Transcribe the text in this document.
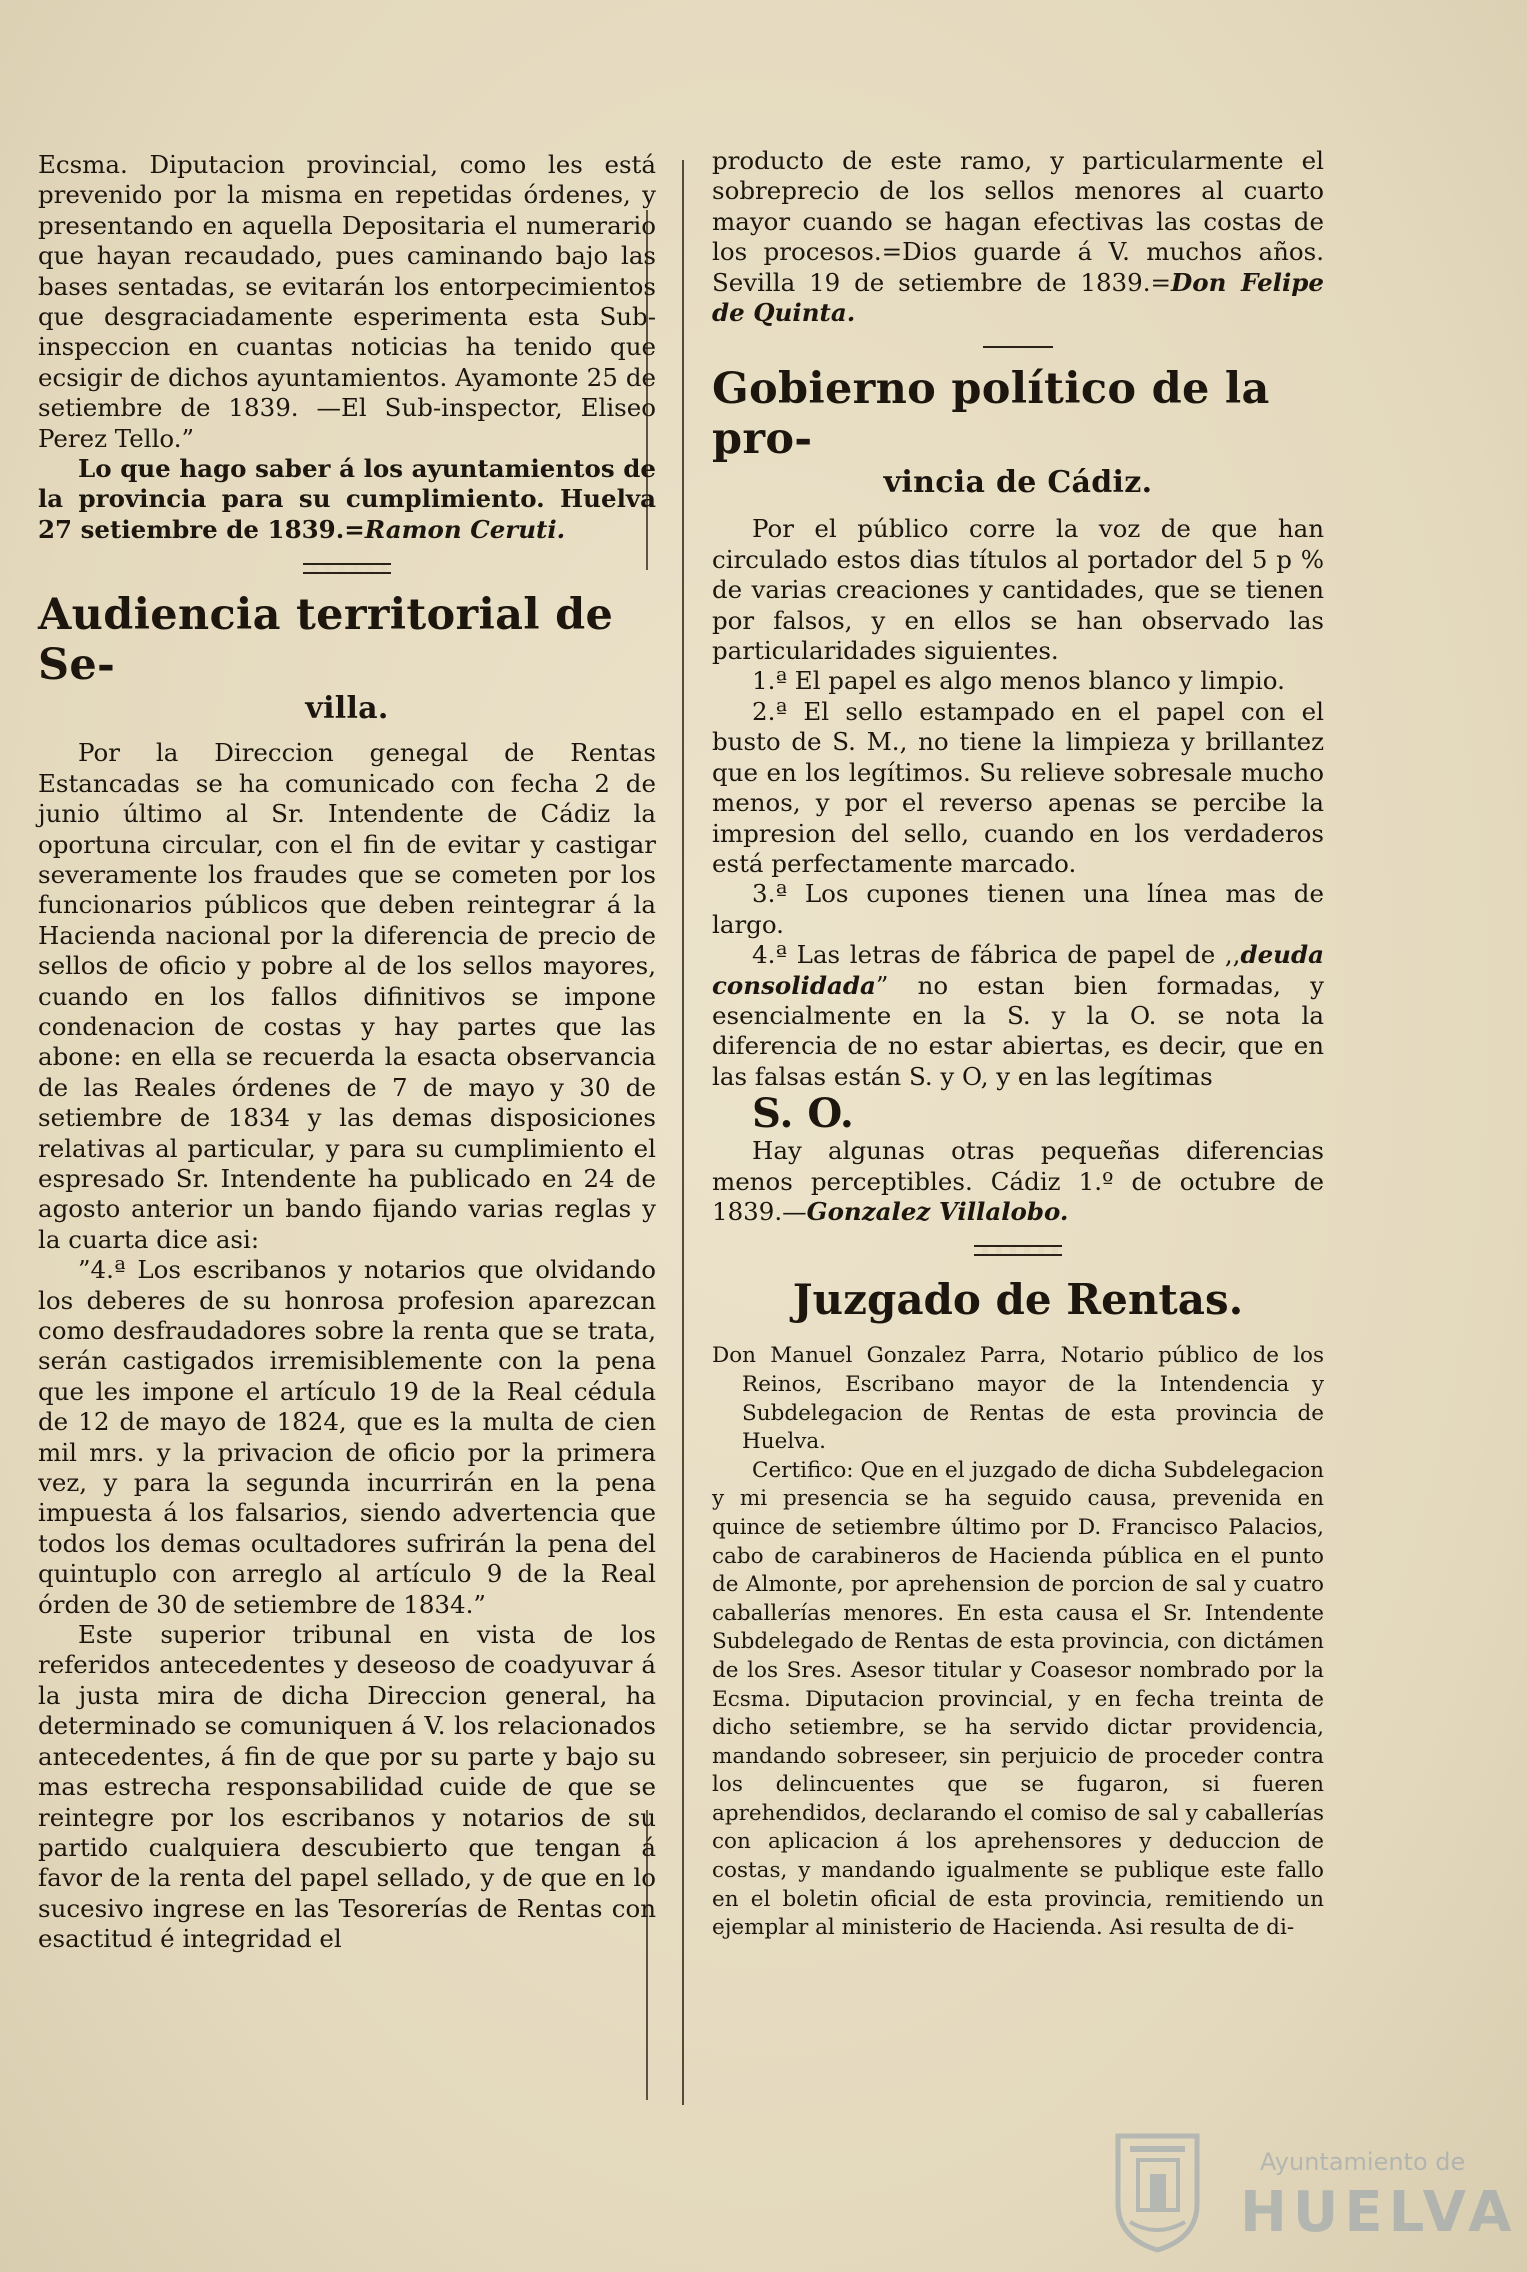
Ecsma. Diputacion provincial, como les está prevenido por la misma en repetidas órdenes, y presentando en aquella Depositaria el numerario que hayan recaudado, pues caminando bajo las bases sentadas, se evitarán los entorpecimientos que desgraciadamente esperimenta esta Sub-inspeccion en cuantas noticias ha tenido que ecsigir de dichos ayuntamientos. Ayamonte 25 de setiembre de 1839. —El Sub-inspector, Eliseo Perez Tello.”

Lo que hago saber á los ayuntamientos de la provincia para su cumplimiento. Huelva 27 setiembre de 1839.=Ramon Ceruti.

Audiencia territorial de Se-
villa.

Por la Direccion genegal de Rentas Estancadas se ha comunicado con fecha 2 de junio último al Sr. Intendente de Cádiz la oportuna circular, con el fin de evitar y castigar severamente los fraudes que se cometen por los funcionarios públicos que deben reintegrar á la Hacienda nacional por la diferencia de precio de sellos de oficio y pobre al de los sellos mayores, cuando en los fallos difinitivos se impone condenacion de costas y hay partes que las abone: en ella se recuerda la esacta observancia de las Reales órdenes de 7 de mayo y 30 de setiembre de 1834 y las demas disposiciones relativas al particular, y para su cumplimiento el espresado Sr. Intendente ha publicado en 24 de agosto anterior un bando fijando varias reglas y la cuarta dice asi:

”4.ª Los escribanos y notarios que olvidando los deberes de su honrosa profesion aparezcan como desfraudadores sobre la renta que se trata, serán castigados irremisiblemente con la pena que les impone el artículo 19 de la Real cédula de 12 de mayo de 1824, que es la multa de cien mil mrs. y la privacion de oficio por la primera vez, y para la segunda incurrirán en la pena impuesta á los falsarios, siendo advertencia que todos los demas ocultadores sufrirán la pena del quintuplo con arreglo al artículo 9 de la Real órden de 30 de setiembre de 1834.”

Este superior tribunal en vista de los referidos antecedentes y deseoso de coadyuvar á la justa mira de dicha Direccion general, ha determinado se comuniquen á V. los relacionados antecedentes, á fin de que por su parte y bajo su mas estrecha responsabilidad cuide de que se reintegre por los escribanos y notarios de su partido cualquiera descubierto que tengan á favor de la renta del papel sellado, y de que en lo sucesivo ingrese en las Tesorerías de Rentas con esactitud é integridad el

producto de este ramo, y particularmente el sobreprecio de los sellos menores al cuarto mayor cuando se hagan efectivas las costas de los procesos.=Dios guarde á V. muchos años. Sevilla 19 de setiembre de 1839.=Don Felipe de Quinta.

Gobierno político de la pro-
vincia de Cádiz.

Por el público corre la voz de que han circulado estos dias títulos al portador del 5 p % de varias creaciones y cantidades, que se tienen por falsos, y en ellos se han observado las particularidades siguientes.

1.ª El papel es algo menos blanco y limpio.

2.ª El sello estampado en el papel con el busto de S. M., no tiene la limpieza y brillantez que en los legítimos. Su relieve sobresale mucho menos, y por el reverso apenas se percibe la impresion del sello, cuando en los verdaderos está perfectamente marcado.

3.ª Los cupones tienen una línea mas de largo.

4.ª Las letras de fábrica de papel de ,,deuda consolidada” no estan bien formadas, y esencialmente en la S. y la O. se nota la diferencia de no estar abiertas, es decir, que en las falsas están S. y O, y en las legítimas
S. O.

Hay algunas otras pequeñas diferencias menos perceptibles. Cádiz 1.º de octubre de 1839.—Gonzalez Villalobo.

Juzgado de Rentas.

Don Manuel Gonzalez Parra, Notario público de los Reinos, Escribano mayor de la Intendencia y Subdelegacion de Rentas de esta provincia de Huelva.

Certifico: Que en el juzgado de dicha Subdelegacion y mi presencia se ha seguido causa, prevenida en quince de setiembre último por D. Francisco Palacios, cabo de carabineros de Hacienda pública en el punto de Almonte, por aprehension de porcion de sal y cuatro caballerías menores. En esta causa el Sr. Intendente Subdelegado de Rentas de esta provincia, con dictámen de los Sres. Asesor titular y Coasesor nombrado por la Ecsma. Diputacion provincial, y en fecha treinta de dicho setiembre, se ha servido dictar providencia, mandando sobreseer, sin perjuicio de proceder contra los delincuentes que se fugaron, si fueren aprehendidos, declarando el comiso de sal y caballerías con aplicacion á los aprehensores y deduccion de costas, y mandando igualmente se publique este fallo en el boletin oficial de esta provincia, remitiendo un ejemplar al ministerio de Hacienda. Asi resulta de di-

Ayuntamiento de
HUELVA
